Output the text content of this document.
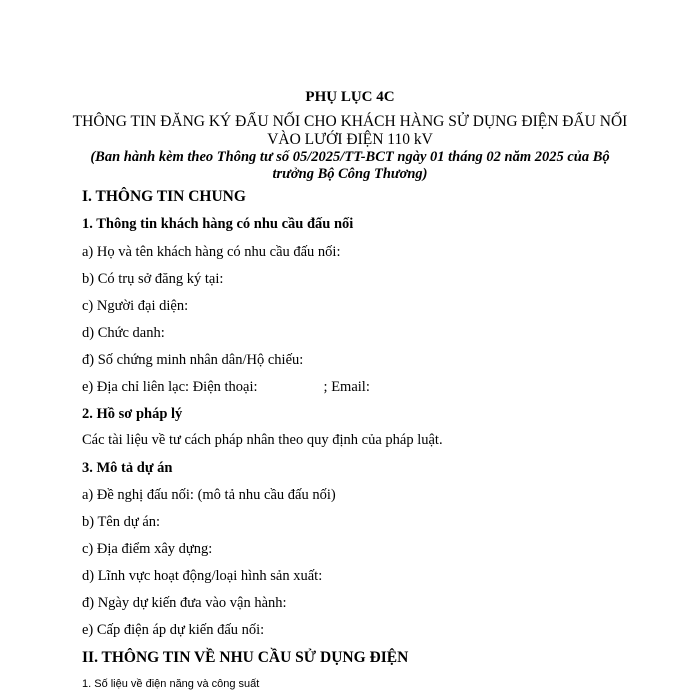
PHỤ LỤC 4C

THÔNG TIN ĐĂNG KÝ ĐẤU NỐI CHO KHÁCH HÀNG SỬ DỤNG ĐIỆN ĐẤU NỐI

VÀO LƯỚI ĐIỆN 110 kV

(Ban hành kèm theo Thông tư số 05/2025/TT-BCT ngày 01 tháng 02 năm 2025 của Bộ

trưởng Bộ Công Thương)

I. THÔNG TIN CHUNG

1. Thông tin khách hàng có nhu cầu đấu nối

a) Họ và tên khách hàng có nhu cầu đấu nối:

b) Có trụ sở đăng ký tại:

c) Người đại diện:

d) Chức danh:

đ) Số chứng minh nhân dân/Hộ chiếu:

e) Địa chỉ liên lạc: Điện thoại:	; Email:

2. Hồ sơ pháp lý

Các tài liệu về tư cách pháp nhân theo quy định của pháp luật.

3. Mô tả dự án

a) Đề nghị đấu nối: (mô tả nhu cầu đấu nối)

b) Tên dự án:

c) Địa điểm xây dựng:

d) Lĩnh vực hoạt động/loại hình sản xuất:

đ) Ngày dự kiến đưa vào vận hành:

e) Cấp điện áp dự kiến đấu nối:

II. THÔNG TIN VỀ NHU CẦU SỬ DỤNG ĐIỆN

1. Số liệu về điện năng và công suất
